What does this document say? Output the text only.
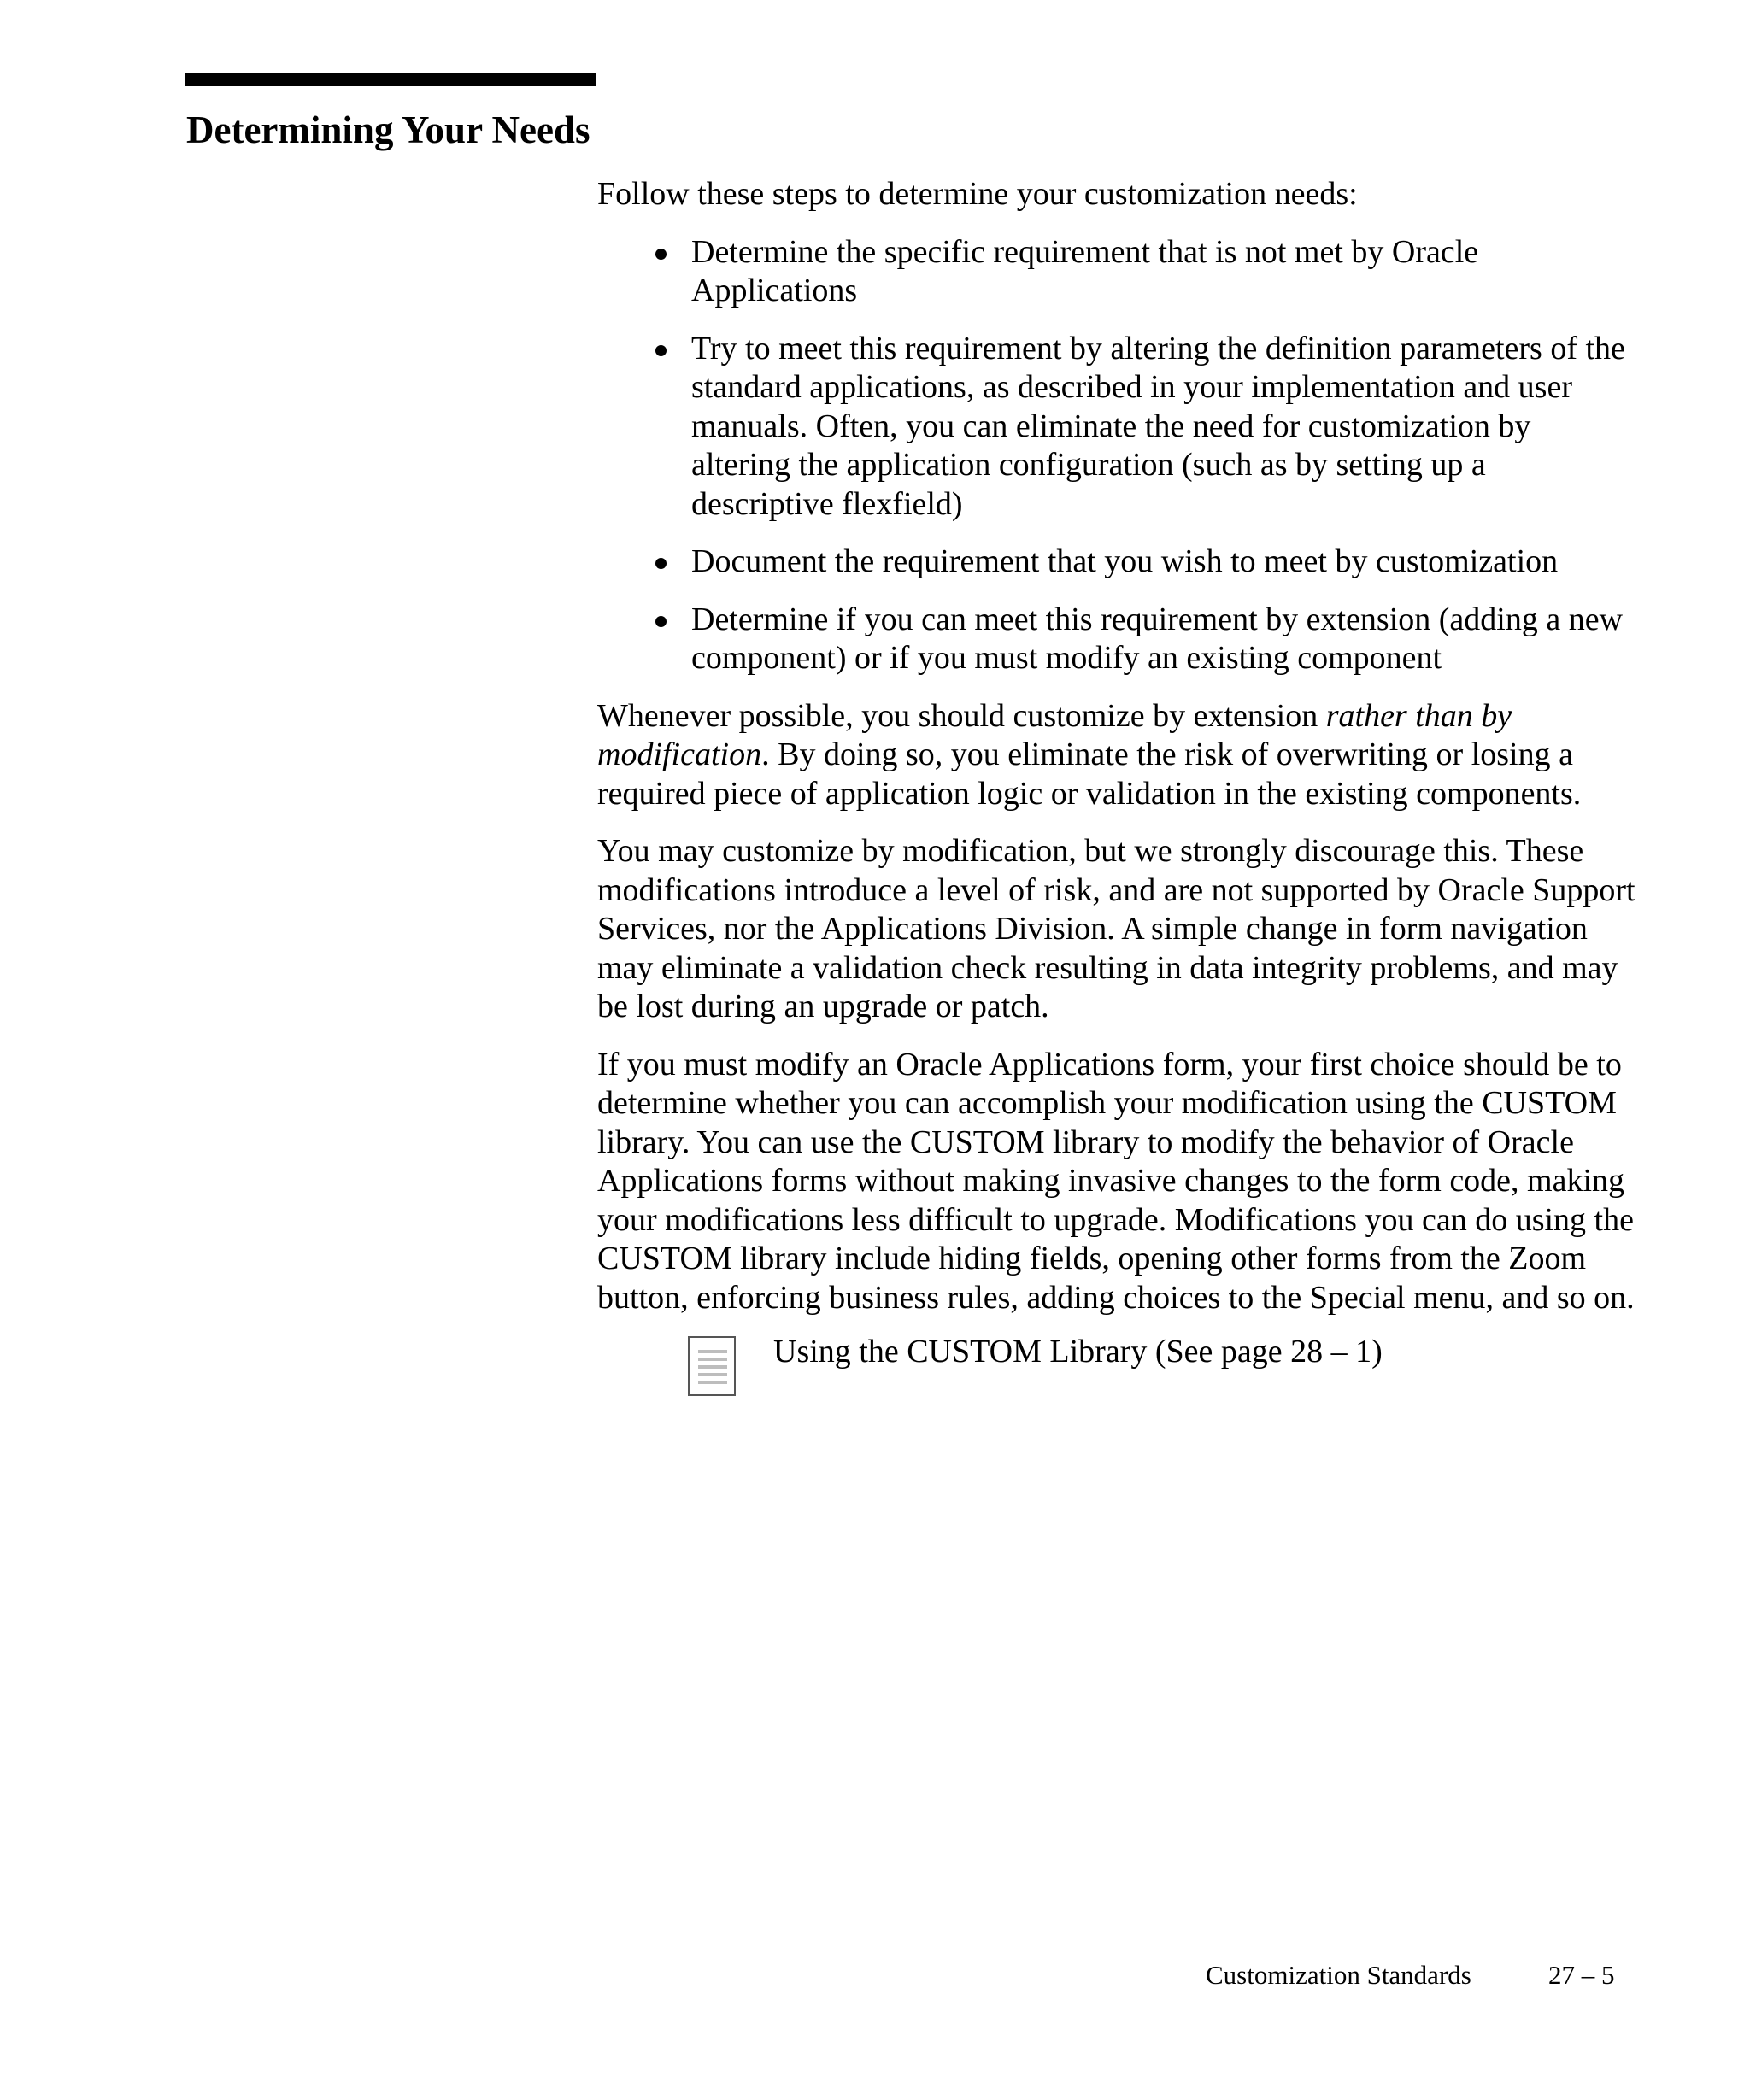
Determining Your Needs

Follow these steps to determine your customization needs:

Determine the specific requirement that is not met by Oracle Applications
Try to meet this requirement by altering the definition parameters of the standard applications, as described in your implementation and user manuals. Often, you can eliminate the need for customization by altering the application configuration (such as by setting up a descriptive flexfield)
Document the requirement that you wish to meet by customization
Determine if you can meet this requirement by extension (adding a new component) or if you must modify an existing component

Whenever possible, you should customize by extension rather than by modification. By doing so, you eliminate the risk of overwriting or losing a required piece of application logic or validation in the existing components.

You may customize by modification, but we strongly discourage this. These modifications introduce a level of risk, and are not supported by Oracle Support Services, nor the Applications Division. A simple change in form navigation may eliminate a validation check resulting in data integrity problems, and may be lost during an upgrade or patch.

If you must modify an Oracle Applications form, your first choice should be to determine whether you can accomplish your modification using the CUSTOM library. You can use the CUSTOM library to modify the behavior of Oracle Applications forms without making invasive changes to the form code, making your modifications less difficult to upgrade. Modifications you can do using the CUSTOM library include hiding fields, opening other forms from the Zoom button, enforcing business rules, adding choices to the Special menu, and so on.

Using the CUSTOM Library (See page 28 – 1)
Customization Standards	27 – 5
